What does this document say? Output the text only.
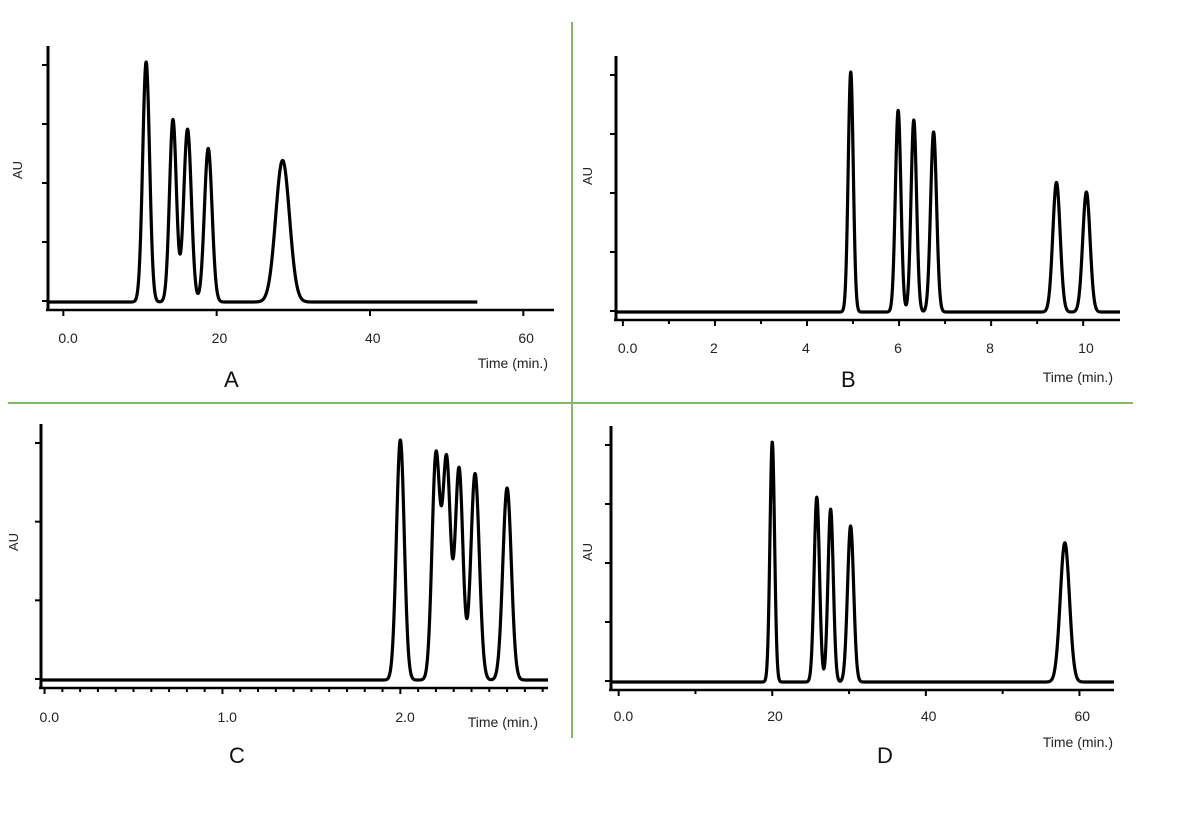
0.0	20	40	60
Time (min.)
AU
0.0	2	4	6	8	10
Time (min.)
AU
0.0	1.0	2.0	Time (min.)
AU
0.0	20	40	60
Time (min.)
AU
A	B
C	D
